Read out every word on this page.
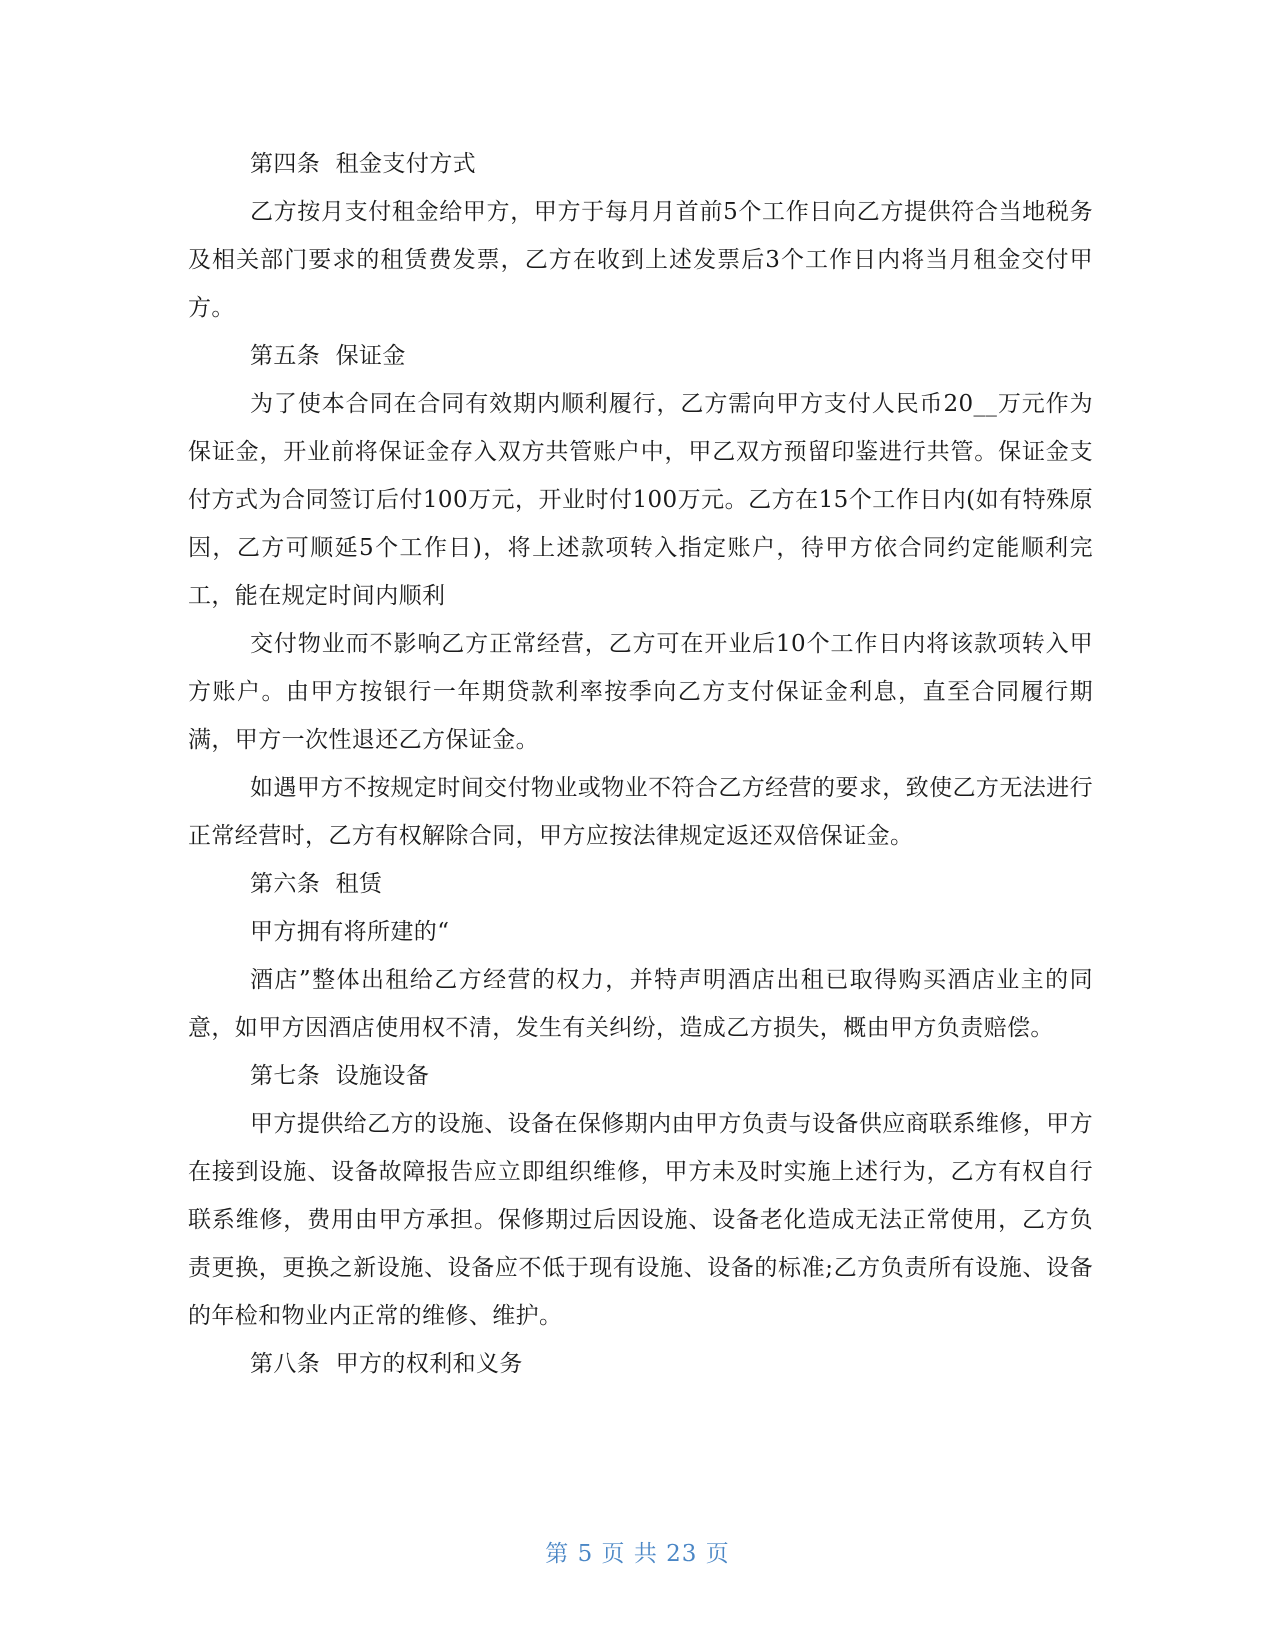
第四条  租金支付方式

乙方按月支付租金给甲方，甲方于每月月首前5个工作日向乙方提供符合当地税务及相关部门要求的租赁费发票，乙方在收到上述发票后3个工作日内将当月租金交付甲方。

第五条  保证金

为了使本合同在合同有效期内顺利履行，乙方需向甲方支付人民币20__万元作为保证金，开业前将保证金存入双方共管账户中，甲乙双方预留印鉴进行共管。保证金支付方式为合同签订后付100万元，开业时付100万元。乙方在15个工作日内(如有特殊原因，乙方可顺延5个工作日)，将上述款项转入指定账户，待甲方依合同约定能顺利完工，能在规定时间内顺利

交付物业而不影响乙方正常经营，乙方可在开业后10个工作日内将该款项转入甲方账户。由甲方按银行一年期贷款利率按季向乙方支付保证金利息，直至合同履行期满，甲方一次性退还乙方保证金。

如遇甲方不按规定时间交付物业或物业不符合乙方经营的要求，致使乙方无法进行正常经营时，乙方有权解除合同，甲方应按法律规定返还双倍保证金。

第六条  租赁

甲方拥有将所建的“

酒店”整体出租给乙方经营的权力，并特声明酒店出租已取得购买酒店业主的同意，如甲方因酒店使用权不清，发生有关纠纷，造成乙方损失，概由甲方负责赔偿。

第七条  设施设备

甲方提供给乙方的设施、设备在保修期内由甲方负责与设备供应商联系维修，甲方在接到设施、设备故障报告应立即组织维修，甲方未及时实施上述行为，乙方有权自行联系维修，费用由甲方承担。保修期过后因设施、设备老化造成无法正常使用，乙方负责更换，更换之新设施、设备应不低于现有设施、设备的标准;乙方负责所有设施、设备的年检和物业内正常的维修、维护。

第八条  甲方的权利和义务

第 5 页 共 23 页
